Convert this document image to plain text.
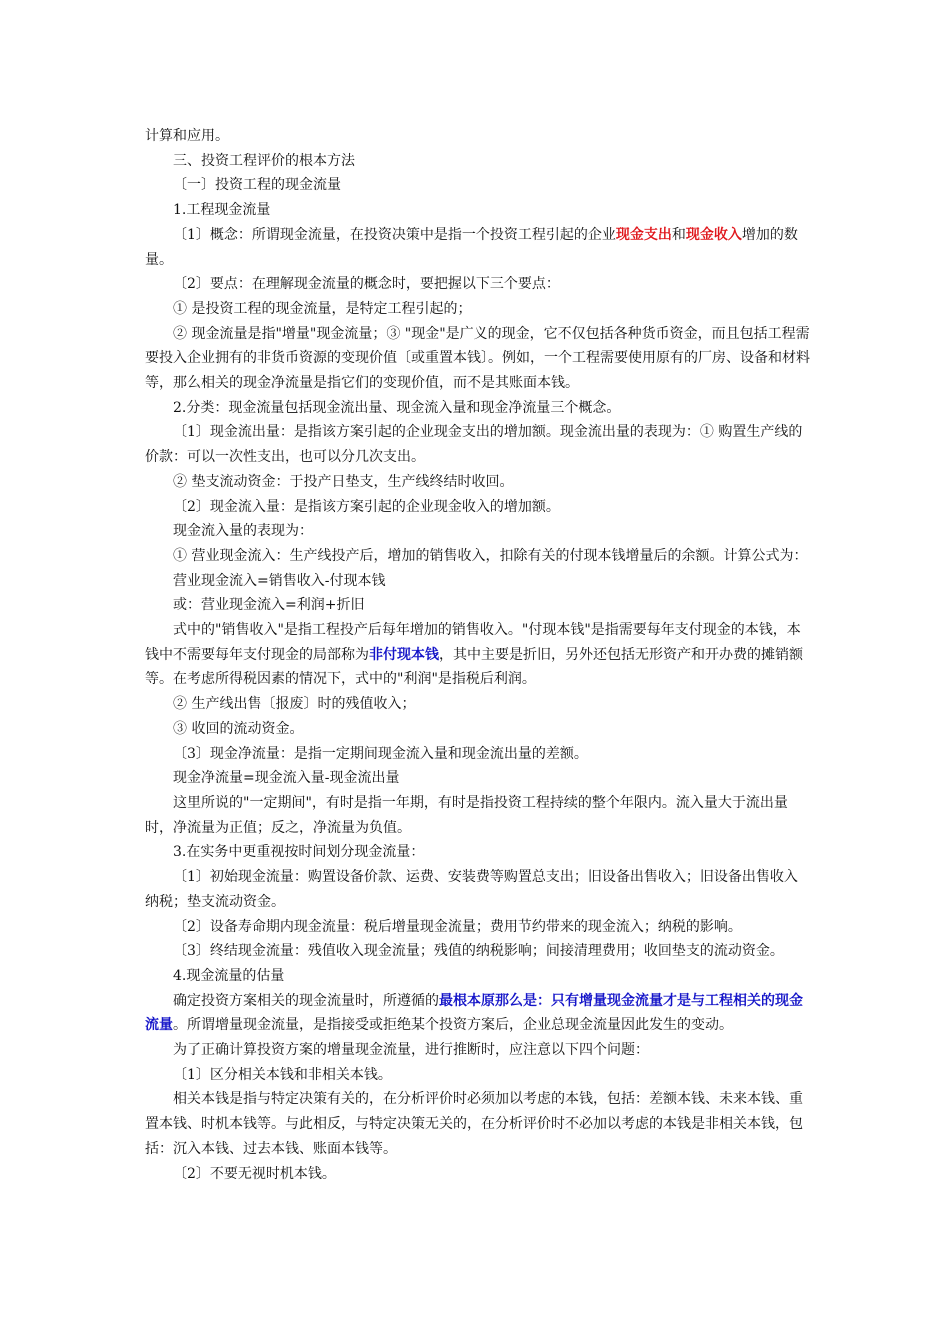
计算和应用。

三、投资工程评价的根本方法

〔一〕投资工程的现金流量

1.工程现金流量

〔1〕概念：所谓现金流量，在投资决策中是指一个投资工程引起的企业现金支出和现金收入增加的数量。

〔2〕要点：在理解现金流量的概念时，要把握以下三个要点：

① 是投资工程的现金流量，是特定工程引起的；

② 现金流量是指"增量"现金流量；③ "现金"是广义的现金，它不仅包括各种货币资金，而且包括工程需要投入企业拥有的非货币资源的变现价值〔或重置本钱〕。例如，一个工程需要使用原有的厂房、设备和材料等，那么相关的现金净流量是指它们的变现价值，而不是其账面本钱。

2.分类：现金流量包括现金流出量、现金流入量和现金净流量三个概念。

〔1〕现金流出量：是指该方案引起的企业现金支出的增加额。现金流出量的表现为：① 购置生产线的价款：可以一次性支出，也可以分几次支出。

② 垫支流动资金：于投产日垫支，生产线终结时收回。

〔2〕现金流入量：是指该方案引起的企业现金收入的增加额。

现金流入量的表现为：

① 营业现金流入：生产线投产后，增加的销售收入，扣除有关的付现本钱增量后的余额。计算公式为：

营业现金流入=销售收入-付现本钱

或：营业现金流入=利润+折旧

式中的"销售收入"是指工程投产后每年增加的销售收入。"付现本钱"是指需要每年支付现金的本钱，本钱中不需要每年支付现金的局部称为非付现本钱，其中主要是折旧，另外还包括无形资产和开办费的摊销额等。在考虑所得税因素的情况下，式中的"利润"是指税后利润。

② 生产线出售〔报废〕时的残值收入；

③ 收回的流动资金。

〔3〕现金净流量：是指一定期间现金流入量和现金流出量的差额。

现金净流量=现金流入量-现金流出量

这里所说的"一定期间"，有时是指一年期，有时是指投资工程持续的整个年限内。流入量大于流出量时，净流量为正值；反之，净流量为负值。

3.在实务中更重视按时间划分现金流量：

〔1〕初始现金流量：购置设备价款、运费、安装费等购置总支出；旧设备出售收入；旧设备出售收入纳税；垫支流动资金。

〔2〕设备寿命期内现金流量：税后增量现金流量；费用节约带来的现金流入；纳税的影响。

〔3〕终结现金流量：残值收入现金流量；残值的纳税影响；间接清理费用；收回垫支的流动资金。

4.现金流量的估量

确定投资方案相关的现金流量时，所遵循的最根本原那么是：只有增量现金流量才是与工程相关的现金流量。所谓增量现金流量，是指接受或拒绝某个投资方案后，企业总现金流量因此发生的变动。

为了正确计算投资方案的增量现金流量，进行推断时，应注意以下四个问题：

〔1〕区分相关本钱和非相关本钱。

相关本钱是指与特定决策有关的，在分析评价时必须加以考虑的本钱，包括：差额本钱、未来本钱、重置本钱、时机本钱等。与此相反，与特定决策无关的，在分析评价时不必加以考虑的本钱是非相关本钱，包括：沉入本钱、过去本钱、账面本钱等。

〔2〕不要无视时机本钱。
